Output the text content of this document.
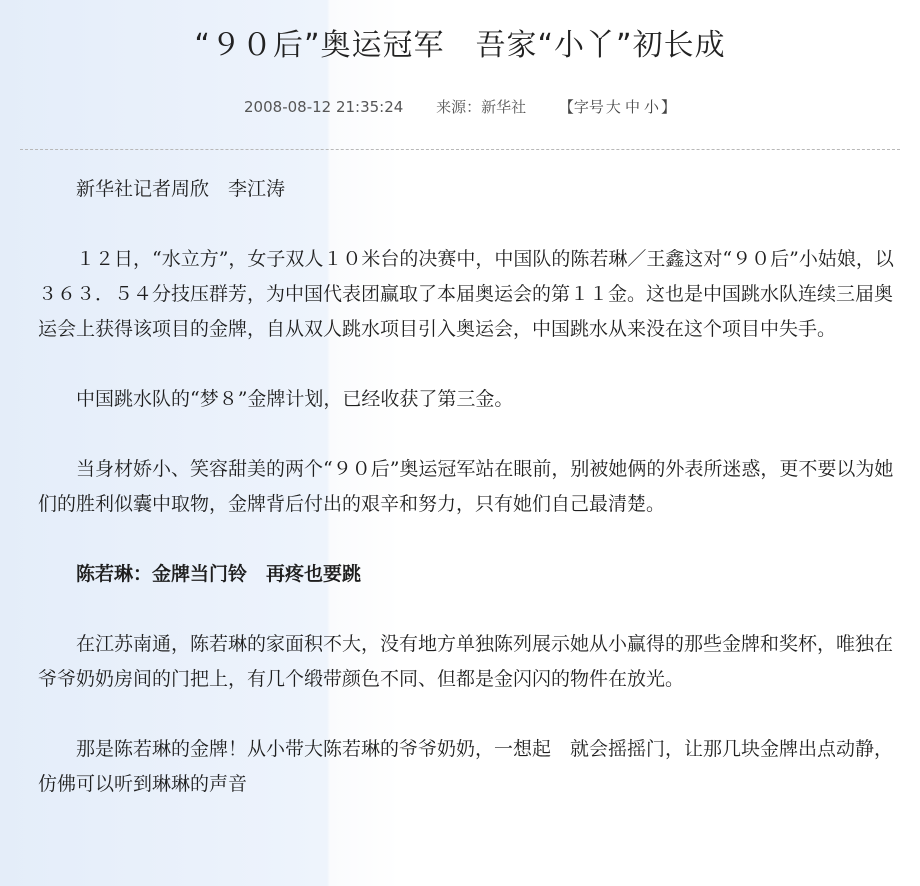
“９０后”奥运冠军　吾家“小丫”初长成
2008-08-12 21:35:24 来源：新华社 【字号 大 中 小 】

新华社记者周欣　李江涛

１２日，“水立方”，女子双人１０米台的决赛中，中国队的陈若琳／王鑫这对“９０后”小姑娘，以３６３．５４分技压群芳，为中国代表团赢取了本届奥运会的第１１金。这也是中国跳水队连续三届奥运会上获得该项目的金牌，自从双人跳水项目引入奥运会，中国跳水从来没在这个项目中失手。

中国跳水队的“梦８”金牌计划，已经收获了第三金。

当身材娇小、笑容甜美的两个“９０后”奥运冠军站在眼前，别被她俩的外表所迷惑，更不要以为她们的胜利似囊中取物，金牌背后付出的艰辛和努力，只有她们自己最清楚。

陈若琳：金牌当门铃　再疼也要跳

在江苏南通，陈若琳的家面积不大，没有地方单独陈列展示她从小赢得的那些金牌和奖杯，唯独在爷爷奶奶房间的门把上，有几个缎带颜色不同、但都是金闪闪的物件在放光。

那是陈若琳的金牌！从小带大陈若琳的爷爷奶奶，一想起　就会摇摇门，让那几块金牌出点动静，仿佛可以听到琳琳的声音
